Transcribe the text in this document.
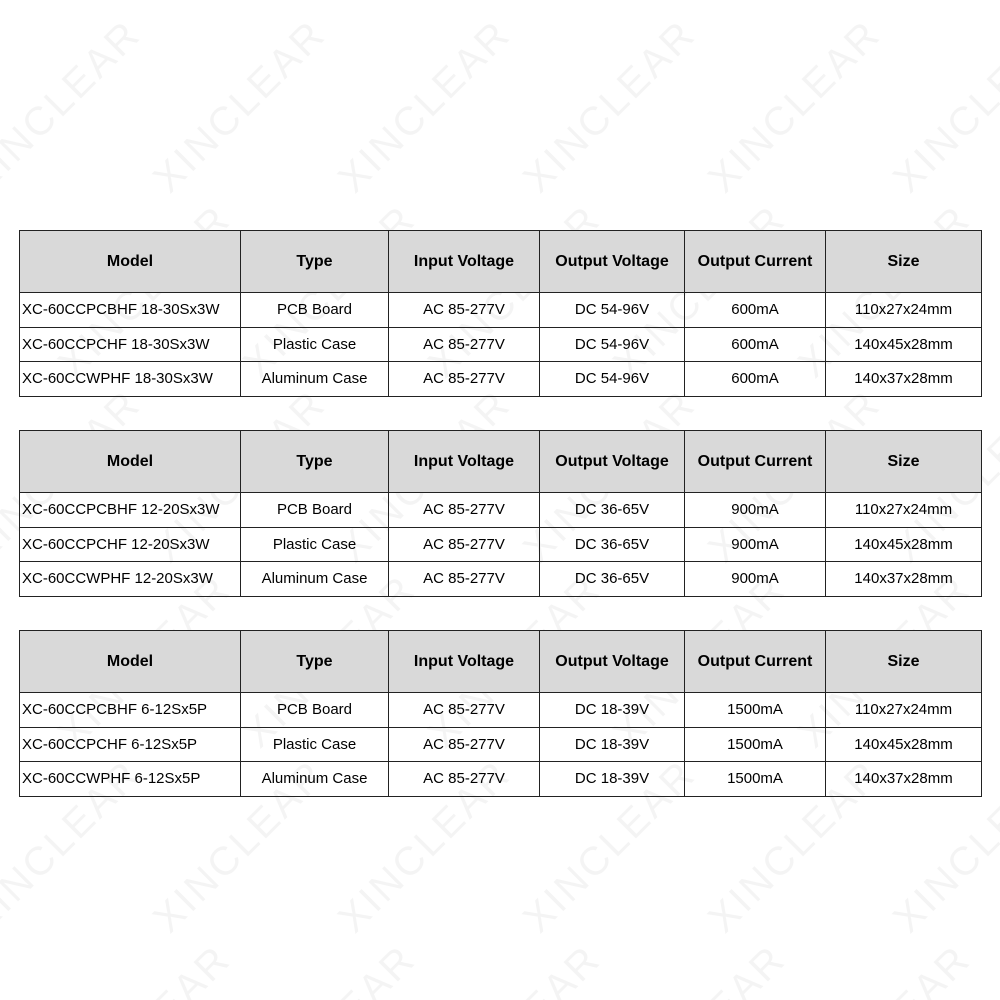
Model	Type	Input Voltage	Output Voltage	Output Current	Size
XC-60CCPCBHF 18-30Sx3W	PCB Board	AC 85-277V	DC 54-96V	600mA	110x27x24mm
XC-60CCPCHF 18-30Sx3W	Plastic Case	AC 85-277V	DC 54-96V	600mA	140x45x28mm
XC-60CCWPHF 18-30Sx3W	Aluminum Case	AC 85-277V	DC 54-96V	600mA	140x37x28mm
Model	Type	Input Voltage	Output Voltage	Output Current	Size
XC-60CCPCBHF 12-20Sx3W	PCB Board	AC 85-277V	DC 36-65V	900mA	110x27x24mm
XC-60CCPCHF 12-20Sx3W	Plastic Case	AC 85-277V	DC 36-65V	900mA	140x45x28mm
XC-60CCWPHF 12-20Sx3W	Aluminum Case	AC 85-277V	DC 36-65V	900mA	140x37x28mm
Model	Type	Input Voltage	Output Voltage	Output Current	Size
XC-60CCPCBHF 6-12Sx5P	PCB Board	AC 85-277V	DC 18-39V	1500mA	110x27x24mm
XC-60CCPCHF 6-12Sx5P	Plastic Case	AC 85-277V	DC 18-39V	1500mA	140x45x28mm
XC-60CCWPHF 6-12Sx5P	Aluminum Case	AC 85-277V	DC 18-39V	1500mA	140x37x28mm
